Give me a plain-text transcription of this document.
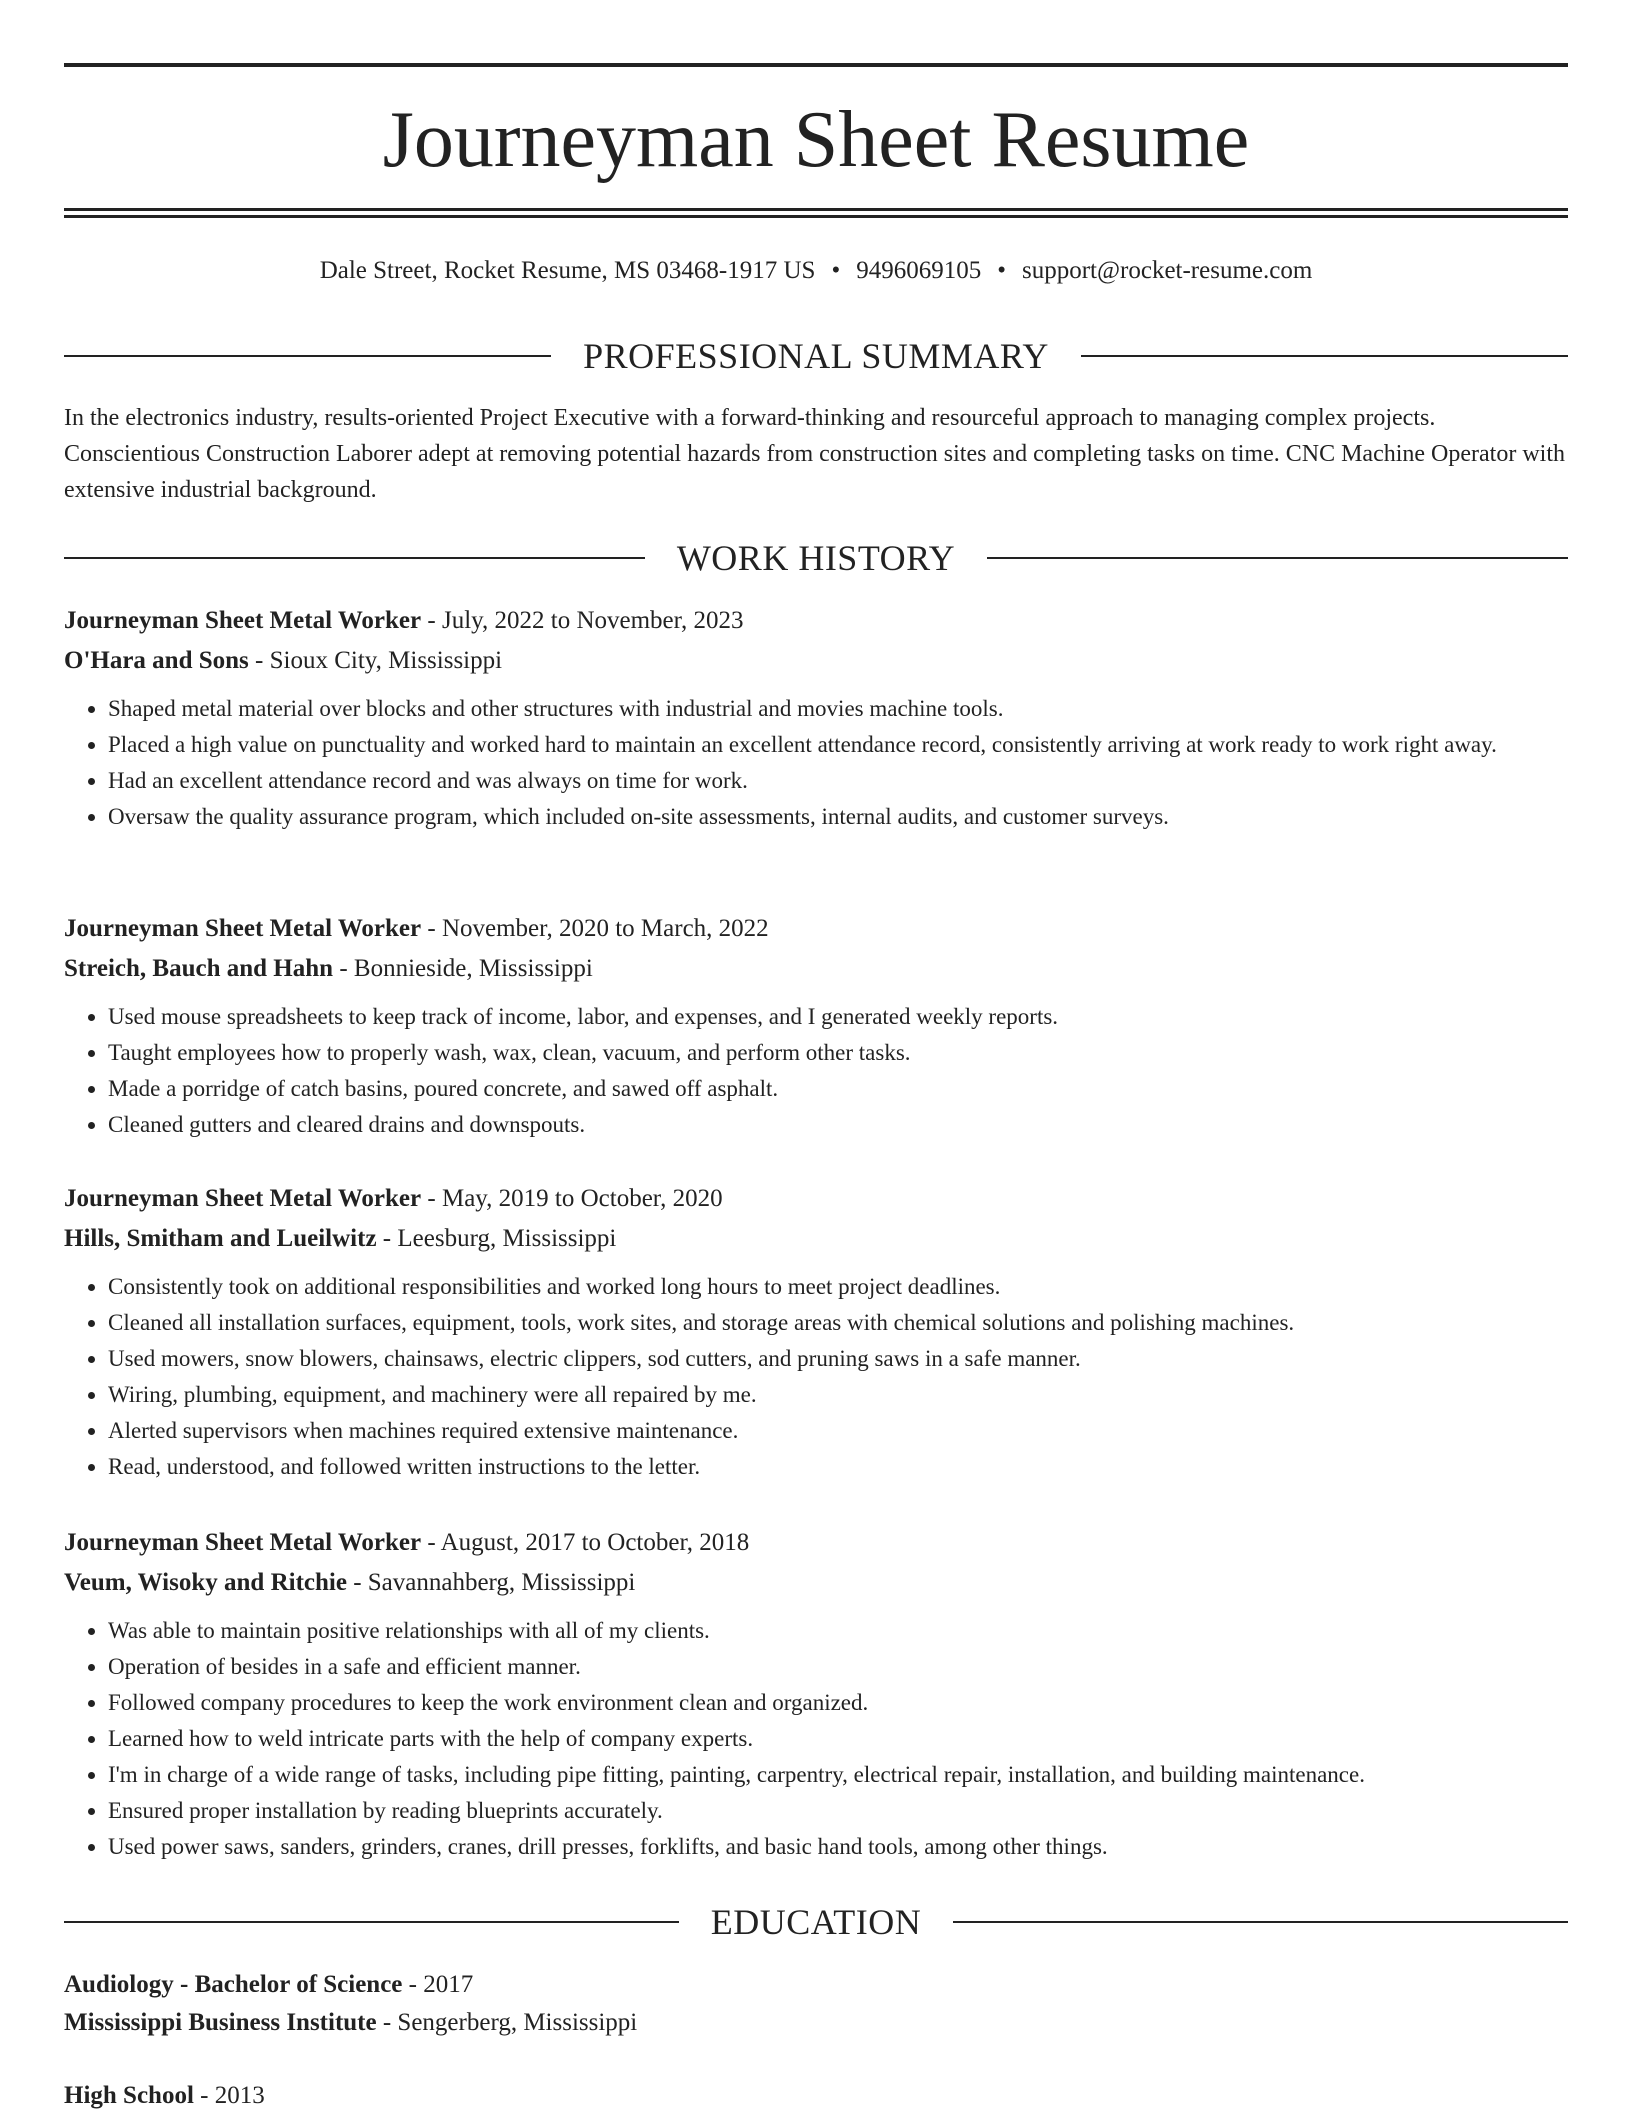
Journeyman Sheet Resume
Dale Street, Rocket Resume, MS 03468-1917 US • 9496069105 • support@rocket-resume.com
PROFESSIONAL SUMMARY

In the electronics industry, results-oriented Project Executive with a forward-thinking and resourceful approach to managing complex projects. Conscientious Construction Laborer adept at removing potential hazards from construction sites and completing tasks on time. CNC Machine Operator with extensive industrial background.

WORK HISTORY
Journeyman Sheet Metal Worker - July, 2022 to November, 2023
O'Hara and Sons - Sioux City, Mississippi
• Shaped metal material over blocks and other structures with industrial and movies machine tools.
• Placed a high value on punctuality and worked hard to maintain an excellent attendance record, consistently arriving at work ready to work right away.
• Had an excellent attendance record and was always on time for work.
• Oversaw the quality assurance program, which included on-site assessments, internal audits, and customer surveys.
Journeyman Sheet Metal Worker - November, 2020 to March, 2022
Streich, Bauch and Hahn - Bonnieside, Mississippi
• Used mouse spreadsheets to keep track of income, labor, and expenses, and I generated weekly reports.
• Taught employees how to properly wash, wax, clean, vacuum, and perform other tasks.
• Made a porridge of catch basins, poured concrete, and sawed off asphalt.
• Cleaned gutters and cleared drains and downspouts.
Journeyman Sheet Metal Worker - May, 2019 to October, 2020
Hills, Smitham and Lueilwitz - Leesburg, Mississippi
• Consistently took on additional responsibilities and worked long hours to meet project deadlines.
• Cleaned all installation surfaces, equipment, tools, work sites, and storage areas with chemical solutions and polishing machines.
• Used mowers, snow blowers, chainsaws, electric clippers, sod cutters, and pruning saws in a safe manner.
• Wiring, plumbing, equipment, and machinery were all repaired by me.
• Alerted supervisors when machines required extensive maintenance.
• Read, understood, and followed written instructions to the letter.
Journeyman Sheet Metal Worker - August, 2017 to October, 2018
Veum, Wisoky and Ritchie - Savannahberg, Mississippi
• Was able to maintain positive relationships with all of my clients.
• Operation of besides in a safe and efficient manner.
• Followed company procedures to keep the work environment clean and organized.
• Learned how to weld intricate parts with the help of company experts.
• I'm in charge of a wide range of tasks, including pipe fitting, painting, carpentry, electrical repair, installation, and building maintenance.
• Ensured proper installation by reading blueprints accurately.
• Used power saws, sanders, grinders, cranes, drill presses, forklifts, and basic hand tools, among other things.
EDUCATION
Audiology - Bachelor of Science - 2017
Mississippi Business Institute - Sengerberg, Mississippi
High School - 2013
